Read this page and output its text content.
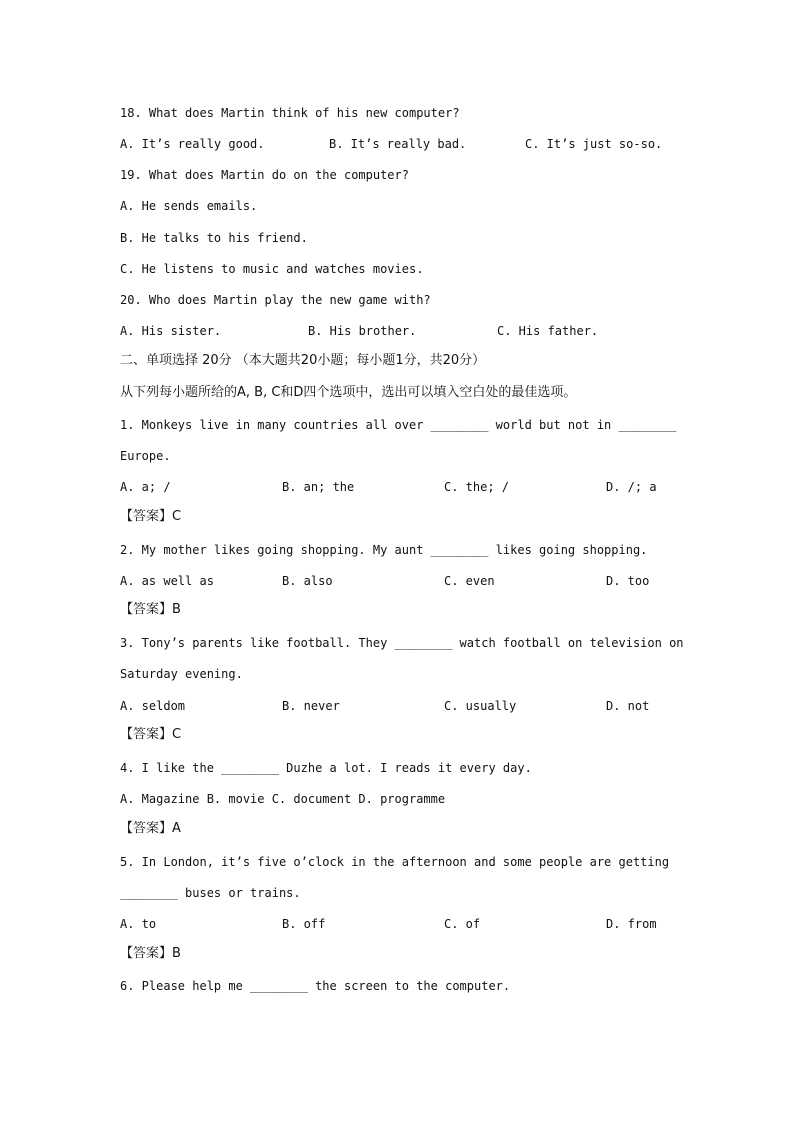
18. What does Martin think of his new computer?
A. It’s really good.	B. It’s really bad.	C. It’s just so-so.
19. What does Martin do on the computer?
A. He sends emails.
B. He talks to his friend.
C. He listens to music and watches movies.
20. Who does Martin play the new game with?
A. His sister.	B. His brother.	C. His father.
二、单项选择 20分 （本大题共20小题；每小题1分，共20分）
从下列每小题所给的A, B, C和D四个选项中，选出可以填入空白处的最佳选项。
1. Monkeys live in many countries all over ________ world but not in ________
Europe.
A. a; /	B. an; the	C. the; /	D. /; a
【答案】C
2. My mother likes going shopping. My aunt ________ likes going shopping.
A. as well as	B. also	C. even	D. too
【答案】B
3. Tony’s parents like football. They ________ watch football on television on
Saturday evening.
A. seldom	B. never	C. usually	D. not
【答案】C
4. I like the ________ Duzhe a lot. I reads it every day.
A. Magazine B. movie C. document D. programme
【答案】A
5. In London, it’s five o’clock in the afternoon and some people are getting
________ buses or trains.
A. to	B. off	C. of	D. from
【答案】B
6. Please help me ________ the screen to the computer.
